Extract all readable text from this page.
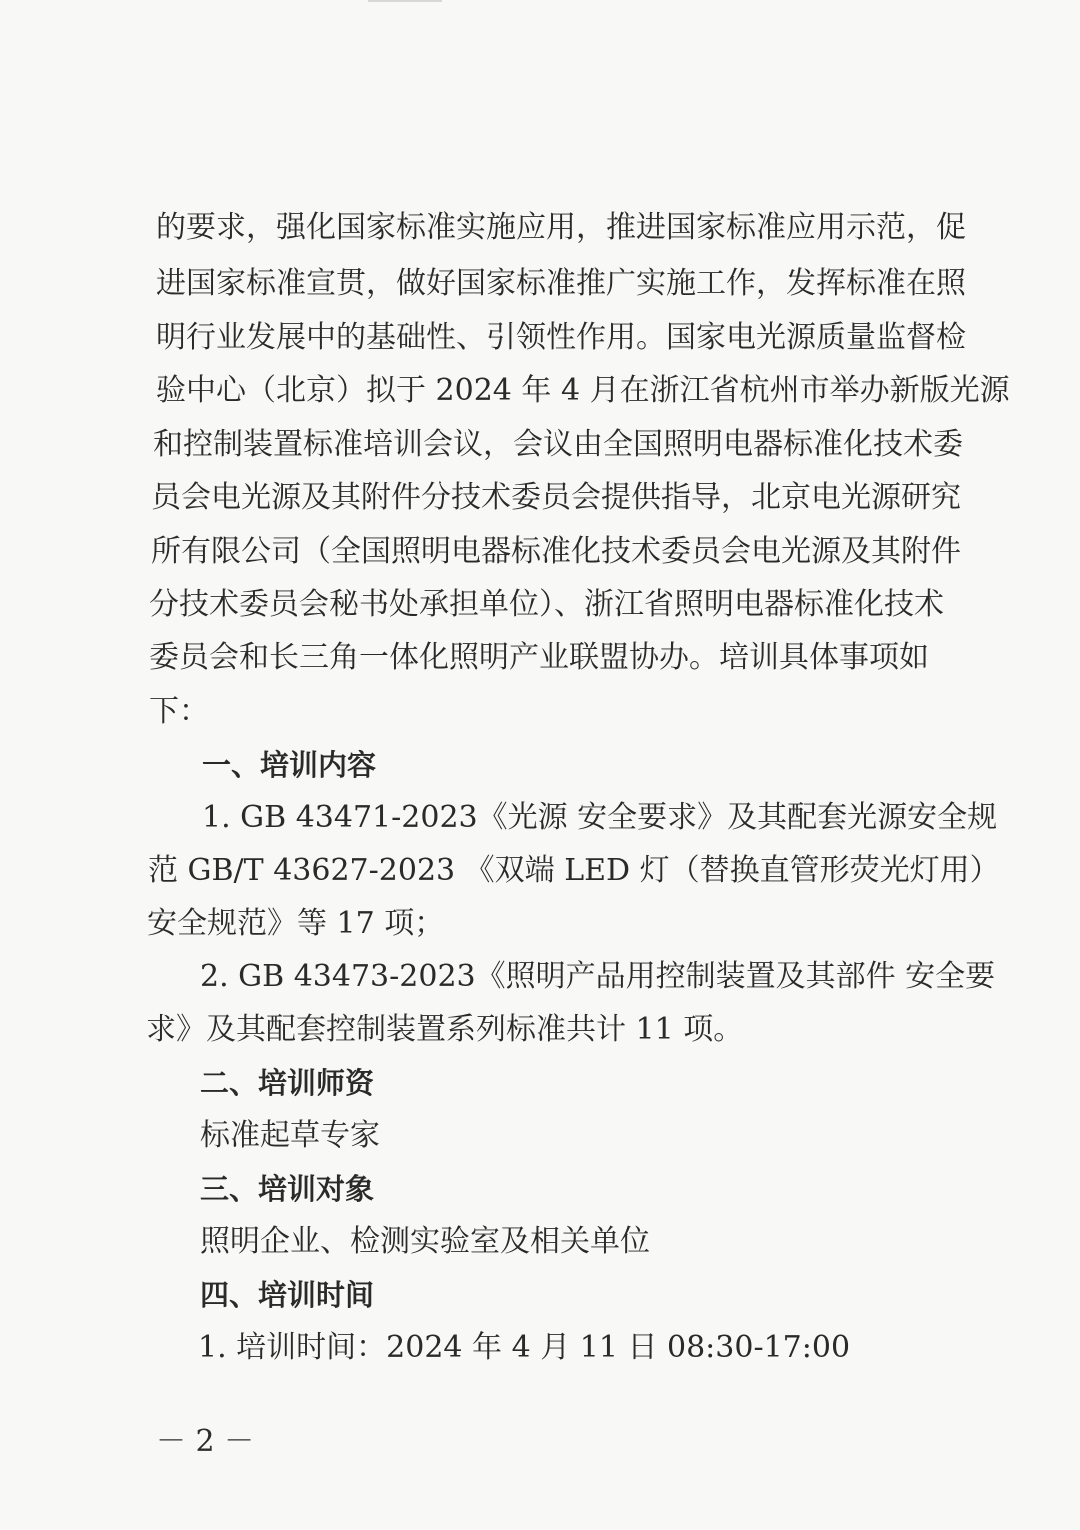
的要求，强化国家标准实施应用，推进国家标准应用示范，促
进国家标准宣贯，做好国家标准推广实施工作，发挥标准在照
明行业发展中的基础性、引领性作用。国家电光源质量监督检
验中心（北京）拟于 2024 年 4 月在浙江省杭州市举办新版光源
和控制装置标准培训会议，会议由全国照明电器标准化技术委
员会电光源及其附件分技术委员会提供指导，北京电光源研究
所有限公司（全国照明电器标准化技术委员会电光源及其附件
分技术委员会秘书处承担单位）、浙江省照明电器标准化技术
委员会和长三角一体化照明产业联盟协办。培训具体事项如
下：
一、培训内容
1. GB 43471-2023《光源 安全要求》及其配套光源安全规
范 GB/T 43627-2023 《双端 LED 灯（替换直管形荧光灯用）
安全规范》等 17 项；
2. GB 43473-2023《照明产品用控制装置及其部件 安全要
求》及其配套控制装置系列标准共计 11 项。
二、培训师资
标准起草专家
三、培训对象
照明企业、检测实验室及相关单位
四、培训时间
1. 培训时间：2024 年 4 月 11 日 08:30-17:00
－ 2 －
